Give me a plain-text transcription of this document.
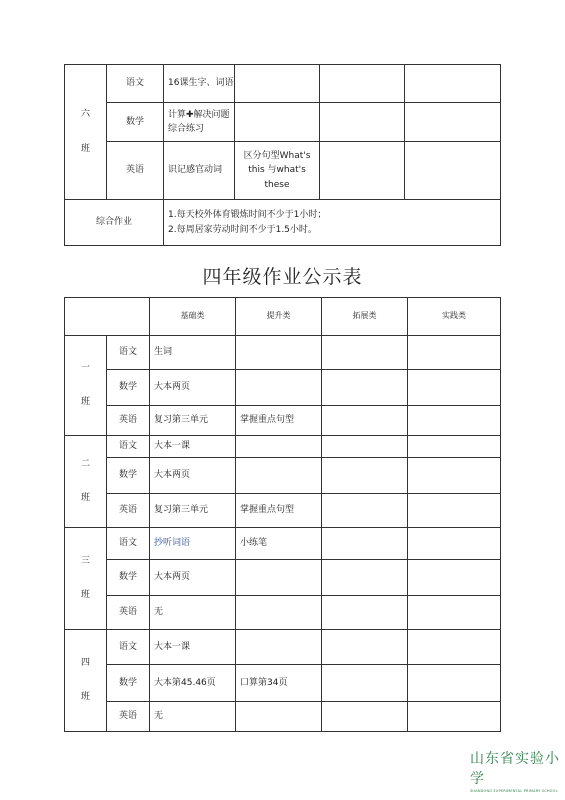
六

班	语文	16课生字、词语			
	数学	计算✚解决问题综合练习			
	英语	识记感官动词	区分句型What's this 与what's these		
综合作业		1.每天校外体育锻炼时间不少于1小时；
2.每周居家劳动时间不少于1.5小时。			
四年级作业公示表
		基础类	提升类	拓展类	实践类
一

班	语文	生词			
	数学	大本两页			
	英语	复习第三单元	掌握重点句型		
二

班	语文	大本一课			
	数学	大本两页			
	英语	复习第三单元	掌握重点句型		
三

班	语文	抄听词语	小练笔		
	数学	大本两页			
	英语	无			
四

班	语文	大本一课			
	数学	大本第45.46页	口算第34页		
	英语	无			
山东省实验小学
SHANDONG EXPERIMENTAL PRIMARY SCHOOL
